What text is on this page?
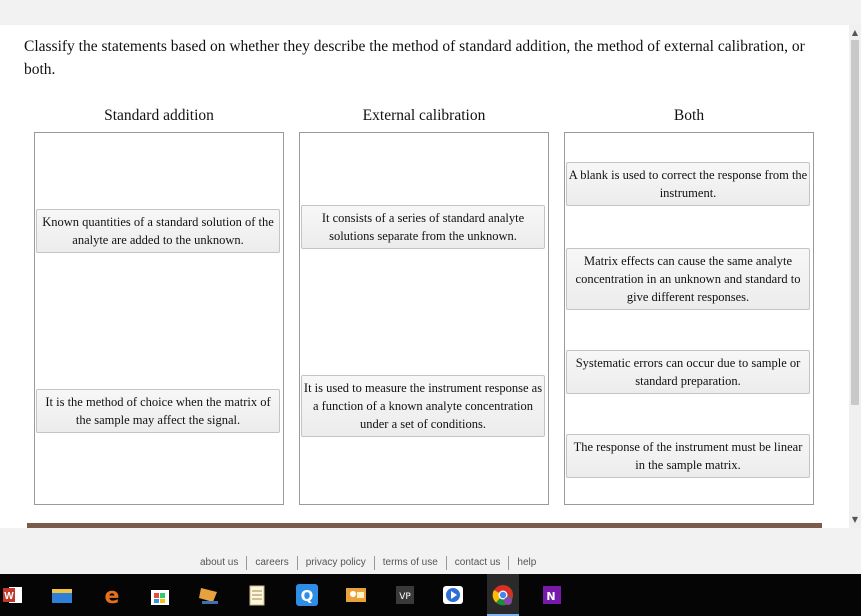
Classify the statements based on whether they describe the method of standard addition, the method of external calibration, or both.
Standard addition	External calibration	Both
Known quantities of a standard solution of the analyte are added to the unknown.
It is the method of choice when the matrix of the sample may affect the signal.
It consists of a series of standard analyte solutions separate from the unknown.
It is used to measure the instrument response as a function of a known analyte concentration under a set of conditions.
A blank is used to correct the response from the instrument.
Matrix effects can cause the same analyte concentration in an unknown and standard to give different responses.
Systematic errors can occur due to sample or standard preparation.
The response of the instrument must be linear in the sample matrix.
▲
▼
about us	careers	privacy policy	terms of use	contact us	help
W	e	Q	VP	N
